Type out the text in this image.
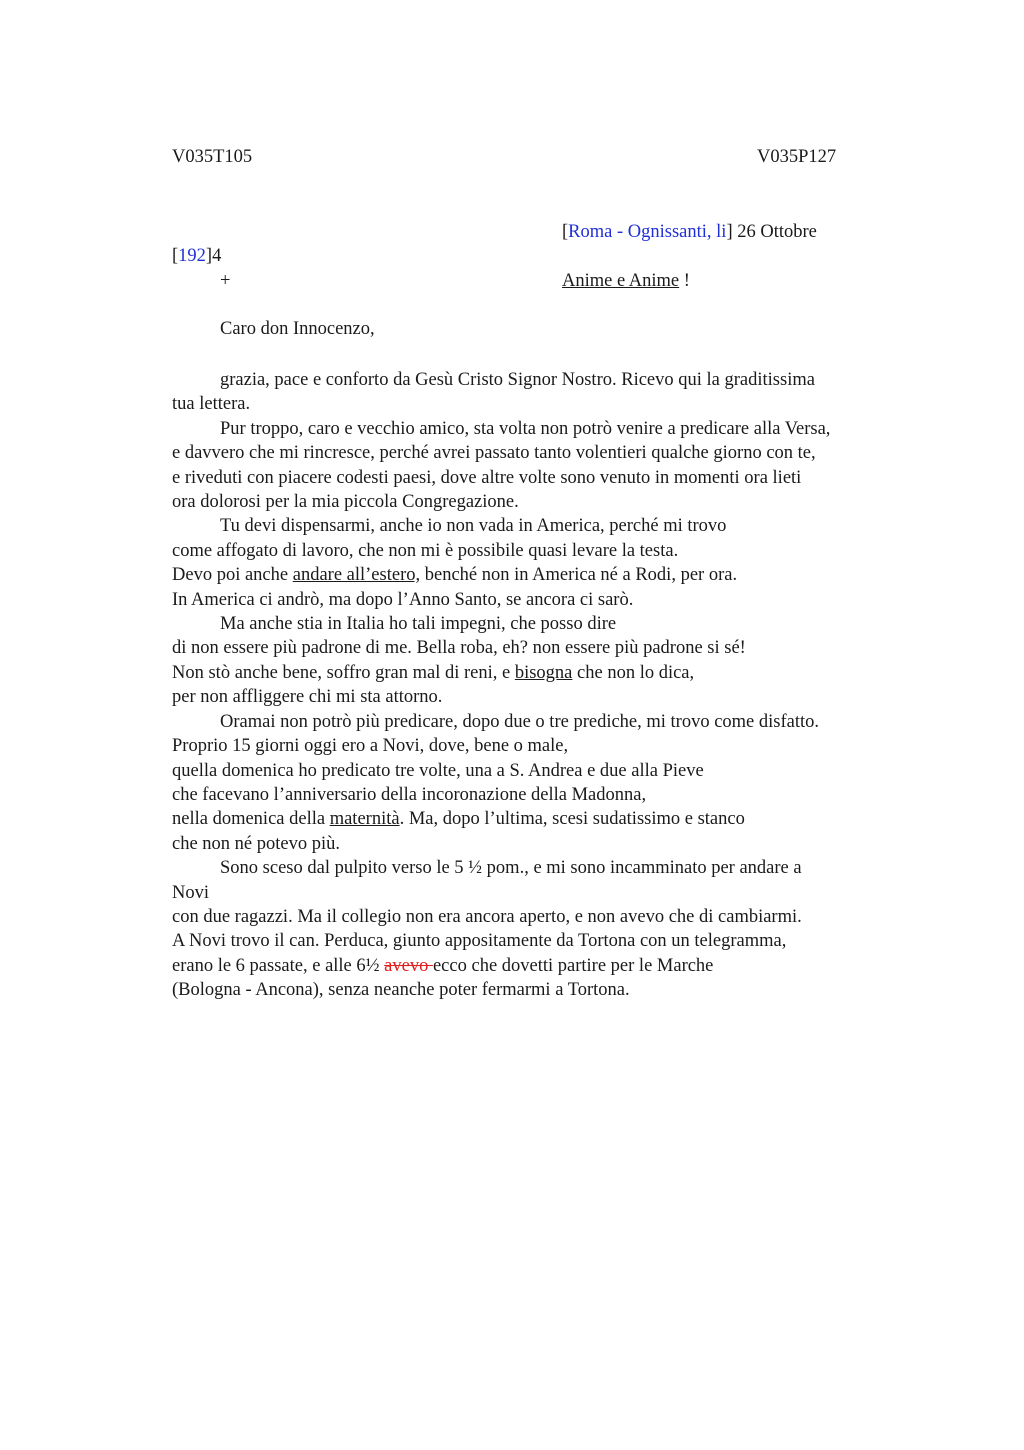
V035T105	V035P127
[Roma - Ognissanti, li] 26 Ottobre
[192]4
+	Anime e Anime !
Caro don Innocenzo,
grazia, pace e conforto da Gesù Cristo Signor Nostro. Ricevo qui la graditissima
tua lettera.
Pur troppo, caro e vecchio amico, sta volta non potrò venire a predicare alla Versa,
e davvero che mi rincresce, perché avrei passato tanto volentieri qualche giorno con te,
e riveduti con piacere codesti paesi, dove altre volte sono venuto in momenti ora lieti
ora dolorosi per la mia piccola Congregazione.
Tu devi dispensarmi, anche io non vada in America, perché mi trovo
come affogato di lavoro, che non mi è possibile quasi levare la testa.
Devo poi anche andare all’estero, benché non in America né a Rodi, per ora.
In America ci andrò, ma dopo l’Anno Santo, se ancora ci sarò.
Ma anche stia in Italia ho tali impegni, che posso dire
di non essere più padrone di me. Bella roba, eh? non essere più padrone si sé!
Non stò anche bene, soffro gran mal di reni, e bisogna che non lo dica,
per non affliggere chi mi sta attorno.
Oramai non potrò più predicare, dopo due o tre prediche, mi trovo come disfatto.
Proprio 15 giorni oggi ero a Novi, dove, bene o male,
quella domenica ho predicato tre volte, una a S. Andrea e due alla Pieve
che facevano l’anniversario della incoronazione della Madonna,
nella domenica della maternità. Ma, dopo l’ultima, scesi sudatissimo e stanco
che non né potevo più.
Sono sceso dal pulpito verso le 5 ½ pom., e mi sono incamminato per andare a
Novi
con due ragazzi. Ma il collegio non era ancora aperto, e non avevo che di cambiarmi.
A Novi trovo il can. Perduca, giunto appositamente da Tortona con un telegramma,
erano le 6 passate, e alle 6½ avevo ecco che dovetti partire per le Marche
(Bologna - Ancona), senza neanche poter fermarmi a Tortona.
